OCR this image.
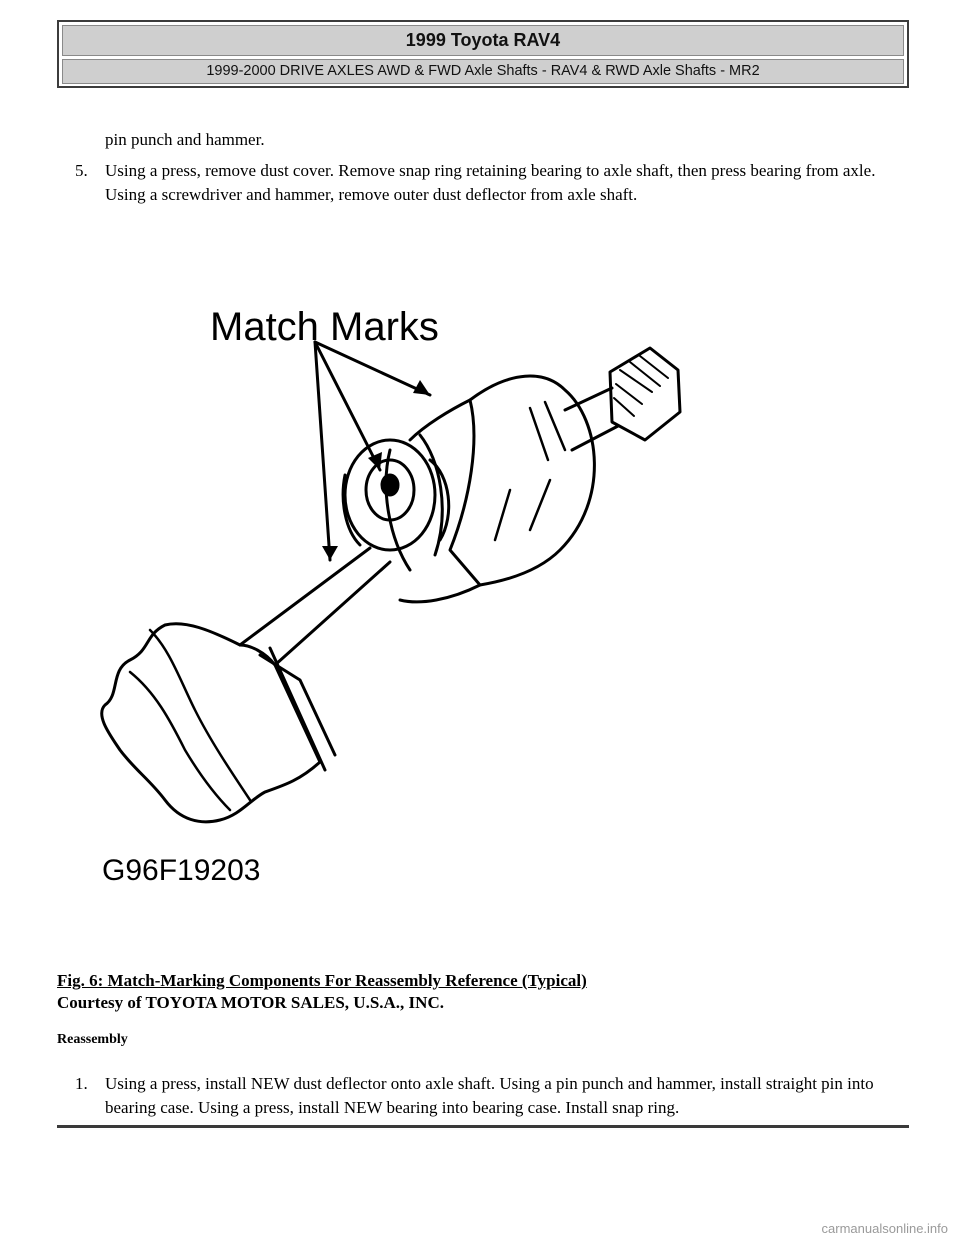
1999 Toyota RAV4
1999-2000 DRIVE AXLES AWD & FWD Axle Shafts - RAV4 & RWD Axle Shafts - MR2
pin punch and hammer.
5. Using a press, remove dust cover. Remove snap ring retaining bearing to axle shaft, then press bearing from axle. Using a screwdriver and hammer, remove outer dust deflector from axle shaft.
Match Marks
G96F19203
Fig. 6: Match-Marking Components For Reassembly Reference (Typical)
Courtesy of TOYOTA MOTOR SALES, U.S.A., INC.
Reassembly
1. Using a press, install NEW dust deflector onto axle shaft. Using a pin punch and hammer, install straight pin into bearing case. Using a press, install NEW bearing into bearing case. Install snap ring.
carmanualsonline.info
